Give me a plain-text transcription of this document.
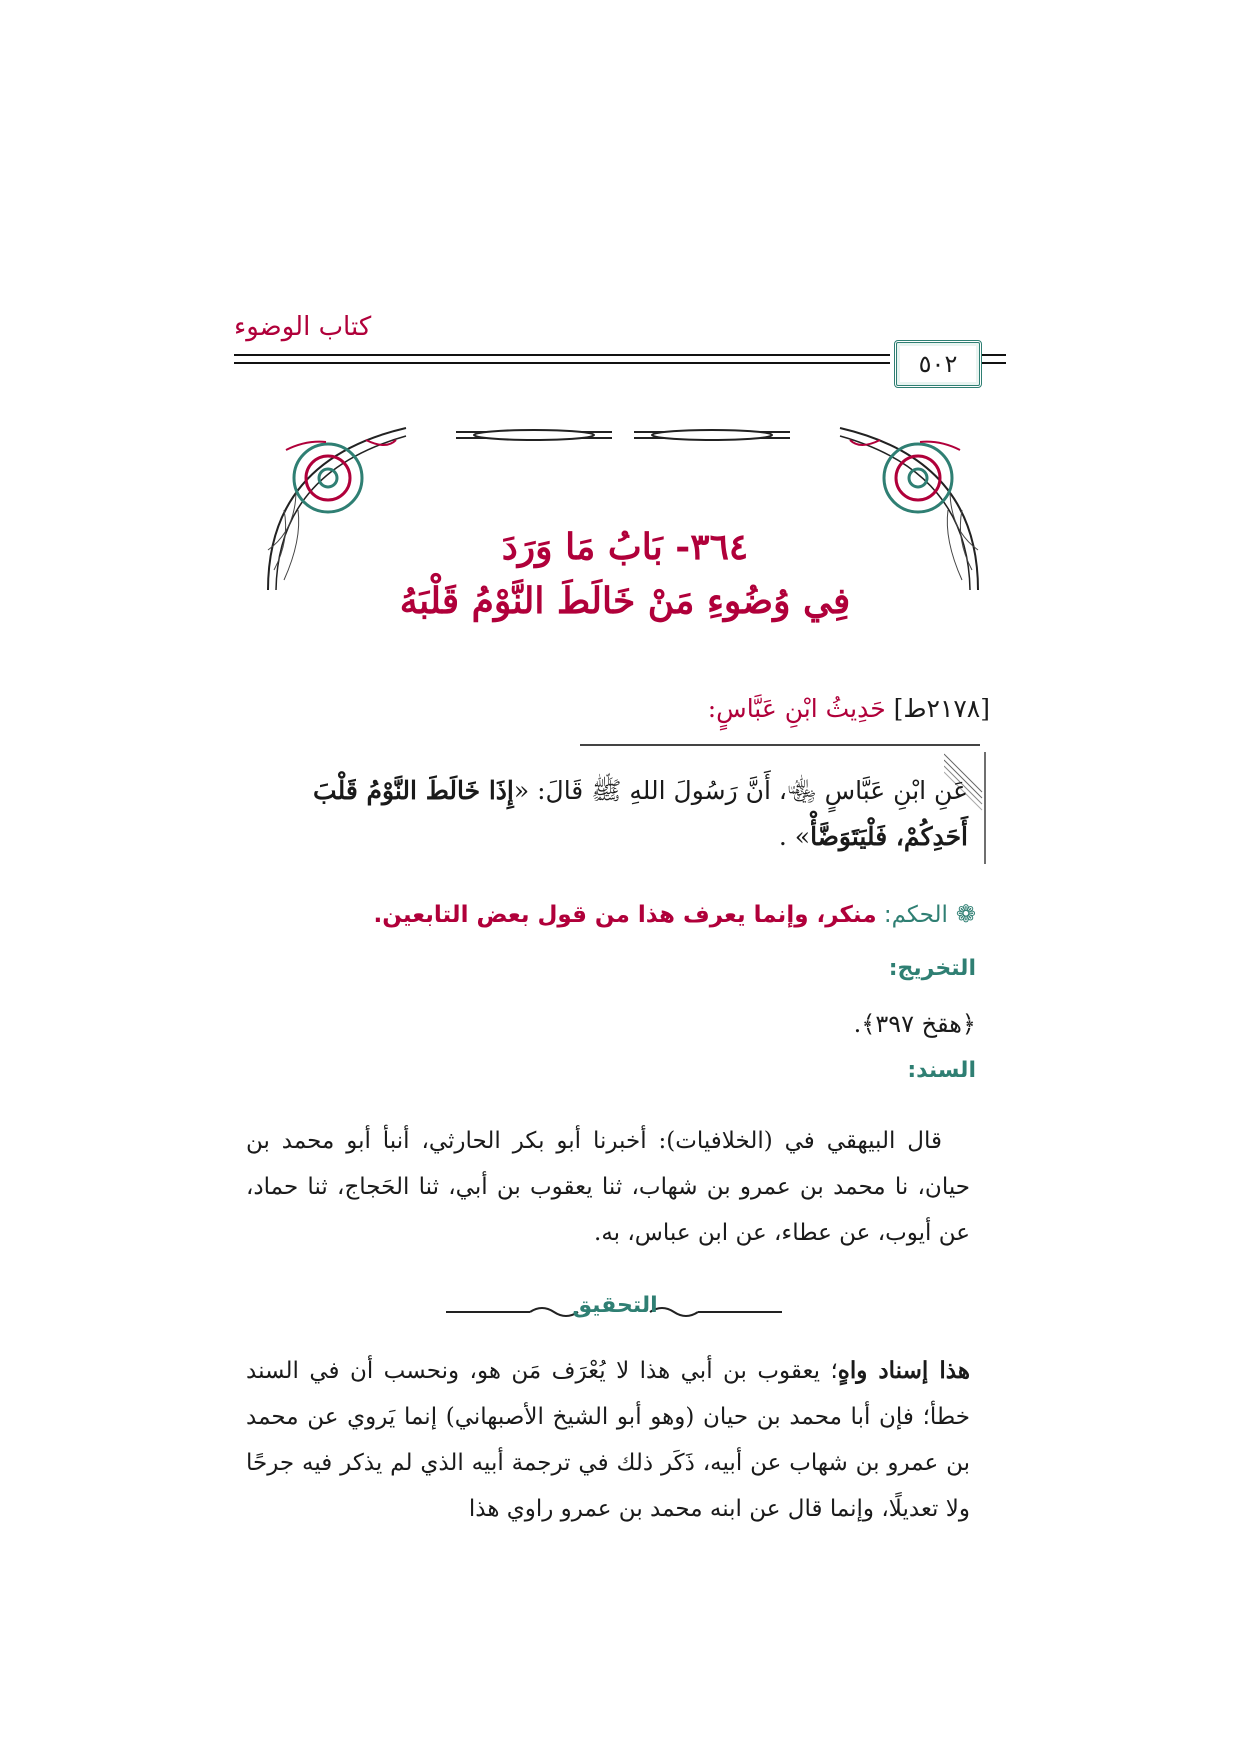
كتاب الوضوء
٥٠٢
٣٦٤- بَابُ مَا وَرَدَ
فِي وُضُوءِ مَنْ خَالَطَ النَّوْمُ قَلْبَهُ
[٢١٧٨ط] حَدِيثُ ابْنِ عَبَّاسٍ:
عَنِ ابْنِ عَبَّاسٍ ﵄، أَنَّ رَسُولَ اللهِ ﷺ قَالَ: «إِذَا خَالَطَ النَّوْمُ قَلْبَ
أَحَدِكُمْ، فَلْيَتَوَضَّأْ» .
❁الحكم: منكر، وإنما يعرف هذا من قول بعض التابعين.
التخريج:
﴿هقخ ٣٩٧﴾.
السند:
قال البيهقي في (الخلافيات): أخبرنا أبو بكر الحارثي، أنبأ أبو محمد بن حيان، نا محمد بن عمرو بن شهاب، ثنا يعقوب بن أبي، ثنا الحَجاج، ثنا حماد، عن أيوب، عن عطاء، عن ابن عباس، به.
التحقيق
هذا إسناد واهٍ؛ يعقوب بن أبي هذا لا يُعْرَف مَن هو، ونحسب أن في السند خطأ؛ فإن أبا محمد بن حيان (وهو أبو الشيخ الأصبهاني) إنما يَروي عن محمد بن عمرو بن شهاب عن أبيه، ذَكَر ذلك في ترجمة أبيه الذي لم يذكر فيه جرحًا ولا تعديلًا، وإنما قال عن ابنه محمد بن عمرو راوي هذا
